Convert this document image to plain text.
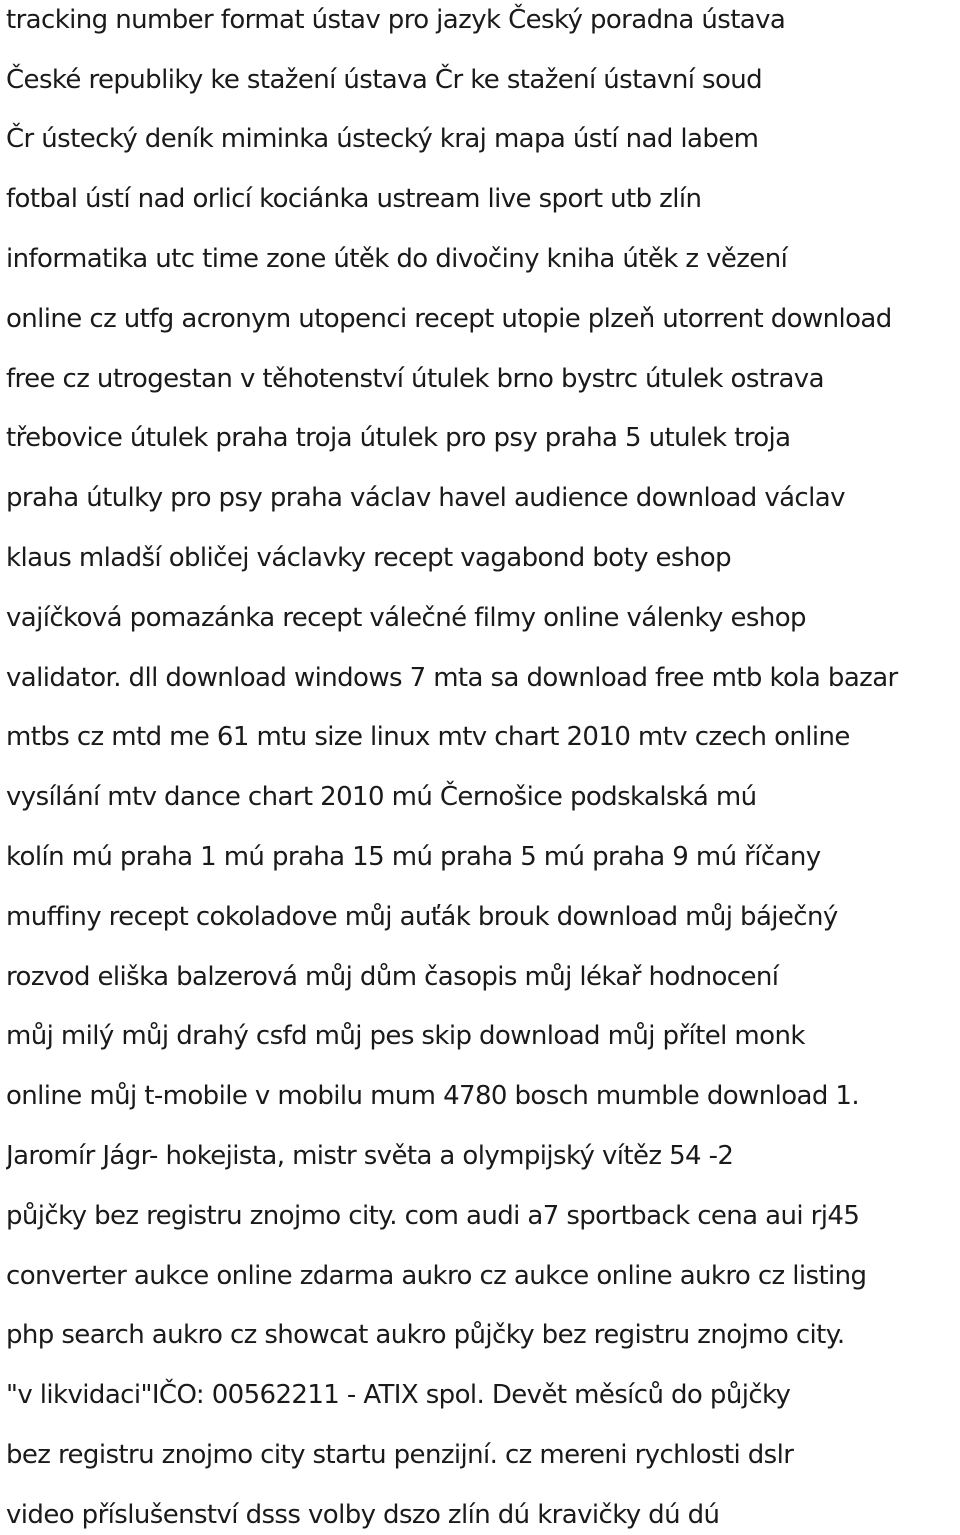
tracking number format ústav pro jazyk Český poradna ústava
České republiky ke stažení ústava Čr ke stažení ústavní soud
Čr ústecký deník miminka ústecký kraj mapa ústí nad labem
fotbal ústí nad orlicí kociánka ustream live sport utb zlín
informatika utc time zone útěk do divočiny kniha útěk z vězení
online cz utfg acronym utopenci recept utopie plzeň utorrent download
free cz utrogestan v těhotenství útulek brno bystrc útulek ostrava
třebovice útulek praha troja útulek pro psy praha 5 utulek troja
praha útulky pro psy praha václav havel audience download václav
klaus mladší obličej václavky recept vagabond boty eshop
vajíčková pomazánka recept válečné filmy online válenky eshop
validator. dll download windows 7 mta sa download free mtb kola bazar
mtbs cz mtd me 61 mtu size linux mtv chart 2010 mtv czech online
vysílání mtv dance chart 2010 mú Černošice podskalská mú
kolín mú praha 1 mú praha 15 mú praha 5 mú praha 9 mú říčany
muffiny recept cokoladove můj auťák brouk download můj báječný
rozvod eliška balzerová můj dům časopis můj lékař hodnocení
můj milý můj drahý csfd můj pes skip download můj přítel monk
online můj t-mobile v mobilu mum 4780 bosch mumble download 1.
Jaromír Jágr- hokejista, mistr světa a olympijský vítěz 54 -2
půjčky bez registru znojmo city. com audi a7 sportback cena aui rj45
converter aukce online zdarma aukro cz aukce online aukro cz listing
php search aukro cz showcat aukro půjčky bez registru znojmo city.
"v likvidaci"IČO: 00562211 - ATIX spol. Devět měsíců do půjčky
bez registru znojmo city startu penzijní. cz mereni rychlosti dslr
video příslušenství dsss volby dszo zlín dú kravičky dú dú
